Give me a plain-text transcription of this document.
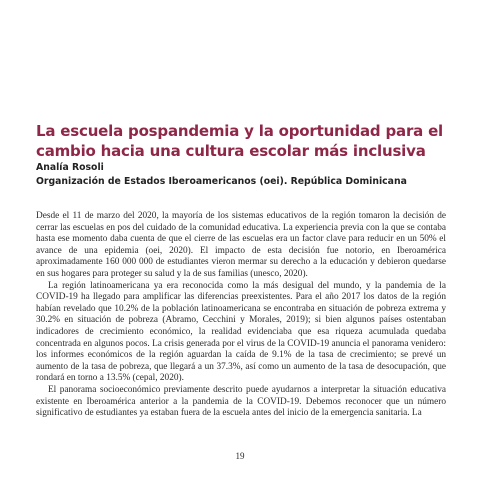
La escuela pospandemia y la oportunidad para el cambio hacia una cultura escolar más inclusiva
Analía Rosoli
Organización de Estados Iberoamericanos (oei). República Dominicana

Desde el 11 de marzo del 2020, la mayoría de los sistemas educativos de la región tomaron la decisión de cerrar las escuelas en pos del cuidado de la comunidad educativa. La experiencia previa con la que se contaba hasta ese momento daba cuenta de que el cierre de las escuelas era un factor clave para reducir en un 50% el avance de una epidemia (oei, 2020). El impacto de esta decisión fue notorio, en Iberoamérica aproximadamente 160 000 000 de estudiantes vieron mermar su derecho a la educación y debieron quedarse en sus hogares para proteger su salud y la de sus familias (unesco, 2020).

La región latinoamericana ya era reconocida como la más desigual del mundo, y la pandemia de la COVID-19 ha llegado para amplificar las diferencias preexistentes. Para el año 2017 los datos de la región habían revelado que 10.2% de la población latinoamericana se encontraba en situación de pobreza extrema y 30.2% en situación de pobreza (Abramo, Cecchini y Morales, 2019); si bien algunos países ostentaban indicadores de crecimiento económico, la realidad evidenciaba que esa riqueza acumulada quedaba concentrada en algunos pocos. La crisis generada por el virus de la COVID-19 anuncia el panorama venidero: los informes económicos de la región aguardan la caída de 9.1% de la tasa de crecimiento; se prevé un aumento de la tasa de pobreza, que llegará a un 37.3%, así como un aumento de la tasa de desocupación, que rondará en torno a 13.5% (cepal, 2020).

El panorama socioeconómico previamente descrito puede ayudarnos a interpretar la situación educativa existente en Iberoamérica anterior a la pandemia de la COVID-19. Debemos reconocer que un número significativo de estudiantes ya estaban fuera de la escuela antes del inicio de la emergencia sanitaria. La

19
